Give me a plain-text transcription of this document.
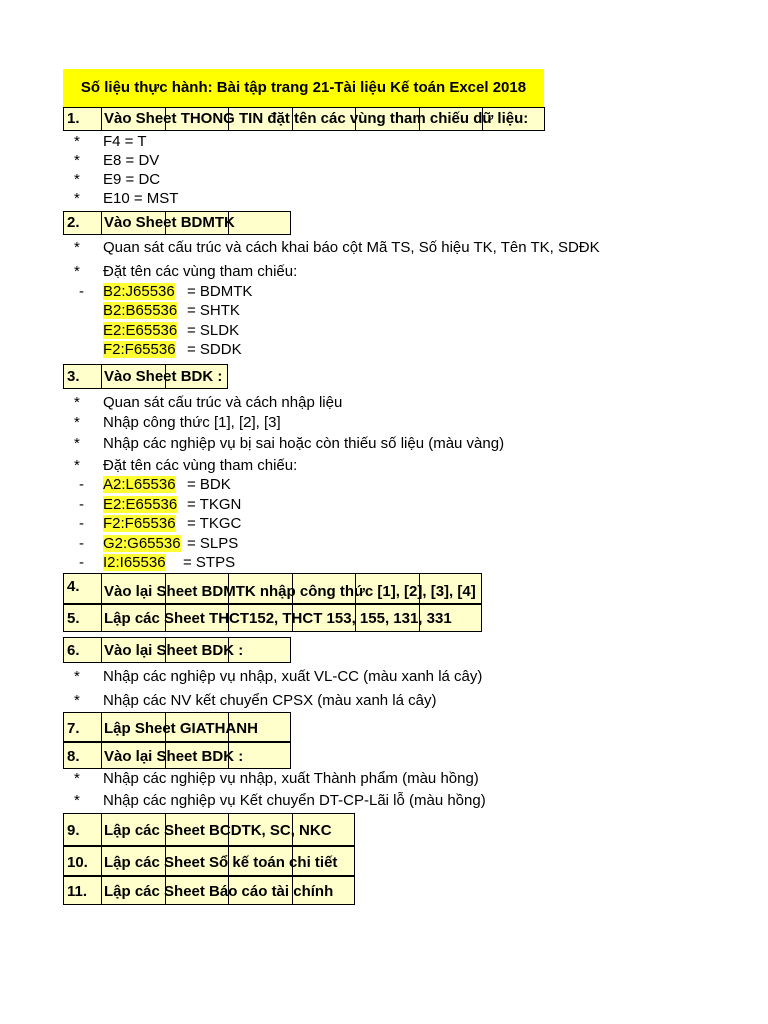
Số liệu thực hành: Bài tập trang 21-Tài liệu Kế toán Excel 2018
1. Vào Sheet THONG TIN đặt tên các vùng tham chiếu dữ liệu:
* F4 = T
* E8 = DV
* E9 = DC
* E10 = MST
2. Vào Sheet BDMTK
* Quan sát cấu trúc và cách khai báo cột Mã TS, Số hiệu TK, Tên TK, SDĐK
* Đặt tên các vùng tham chiếu:
-	B2:J65536 = BDMTK
B2:B65536 = SHTK
E2:E65536 = SLDK
F2:F65536 = SDDK
3. Vào Sheet BDK :
* Quan sát cấu trúc và cách nhập liệu
* Nhập công thức [1], [2], [3]
* Nhập các nghiệp vụ bị sai hoặc còn thiếu số liệu (màu vàng)
* Đặt tên các vùng tham chiếu:
-	A2:L65536 = BDK
-	E2:E65536 = TKGN
-	F2:F65536 = TKGC
-	G2:G65536 = SLPS
-	I2:I65536 = STPS
4. Vào lại Sheet BDMTK nhập công thức [1], [2], [3], [4]
5. Lập các Sheet THCT152, THCT 153, 155, 131, 331
6. Vào lại Sheet BDK :
* Nhập các nghiệp vụ nhập, xuất VL-CC (màu xanh lá cây)
* Nhập các NV kết chuyển CPSX (màu xanh lá cây)
7. Lập Sheet GIATHANH
8. Vào lại Sheet BDK :
* Nhập các nghiệp vụ nhập, xuất Thành phẩm (màu hồng)
* Nhập các nghiệp vụ Kết chuyển DT-CP-Lãi lỗ (màu hồng)
9. Lập các Sheet BCDTK, SC, NKC
10. Lập các Sheet Sổ kế toán chi tiết
11. Lập các Sheet Báo cáo tài chính
